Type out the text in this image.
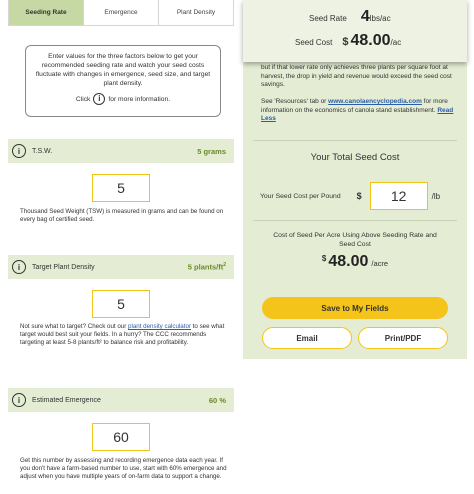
Seeding Rate	Emergence	Plant Density
Enter values for the three factors below to get your recommended seeding rate and watch your seed costs fluctuate with changes in emergence, seed size, and target plant density.
Click i	for more information.
i	T.S.W.	5 grams
5
Thousand Seed Weight (TSW) is measured in grams and can be found on every bag of certified seed.
i	Target Plant Density	5 plants/$ft^2$
5
Not sure what to target? Check out our plant density calculator to see what target would best suit your fields. In a hurry? The CCC recommends targeting at least 5-8 plants/ft² to balance risk and profitability.
i	Estimated Emergence	60 %
60
Get this number by assessing and recording emergence data each year. If you don't have a farm-based number to use, start with 60% emergence and adjust when you have multiple years of on-farm data to support a change.
but if that lower rate only achieves three plants per square foot at harvest, the drop in yield and revenue would exceed the seed cost savings.

See 'Resources' tab or www.canolaencyclopedia.com for more information on the economics of canola stand establishment. Read Less
Your Total Seed Cost
Your Seed Cost per Pound $	12	/lb
Cost of Seed Per Acre Using Above Seeding Rate and Seed Cost
$ 48.00 /acre
Save to My Fields
Email	Print/PDF
Seed Rate 4 lbs/ac
Seed Cost $ 48.00 /ac
